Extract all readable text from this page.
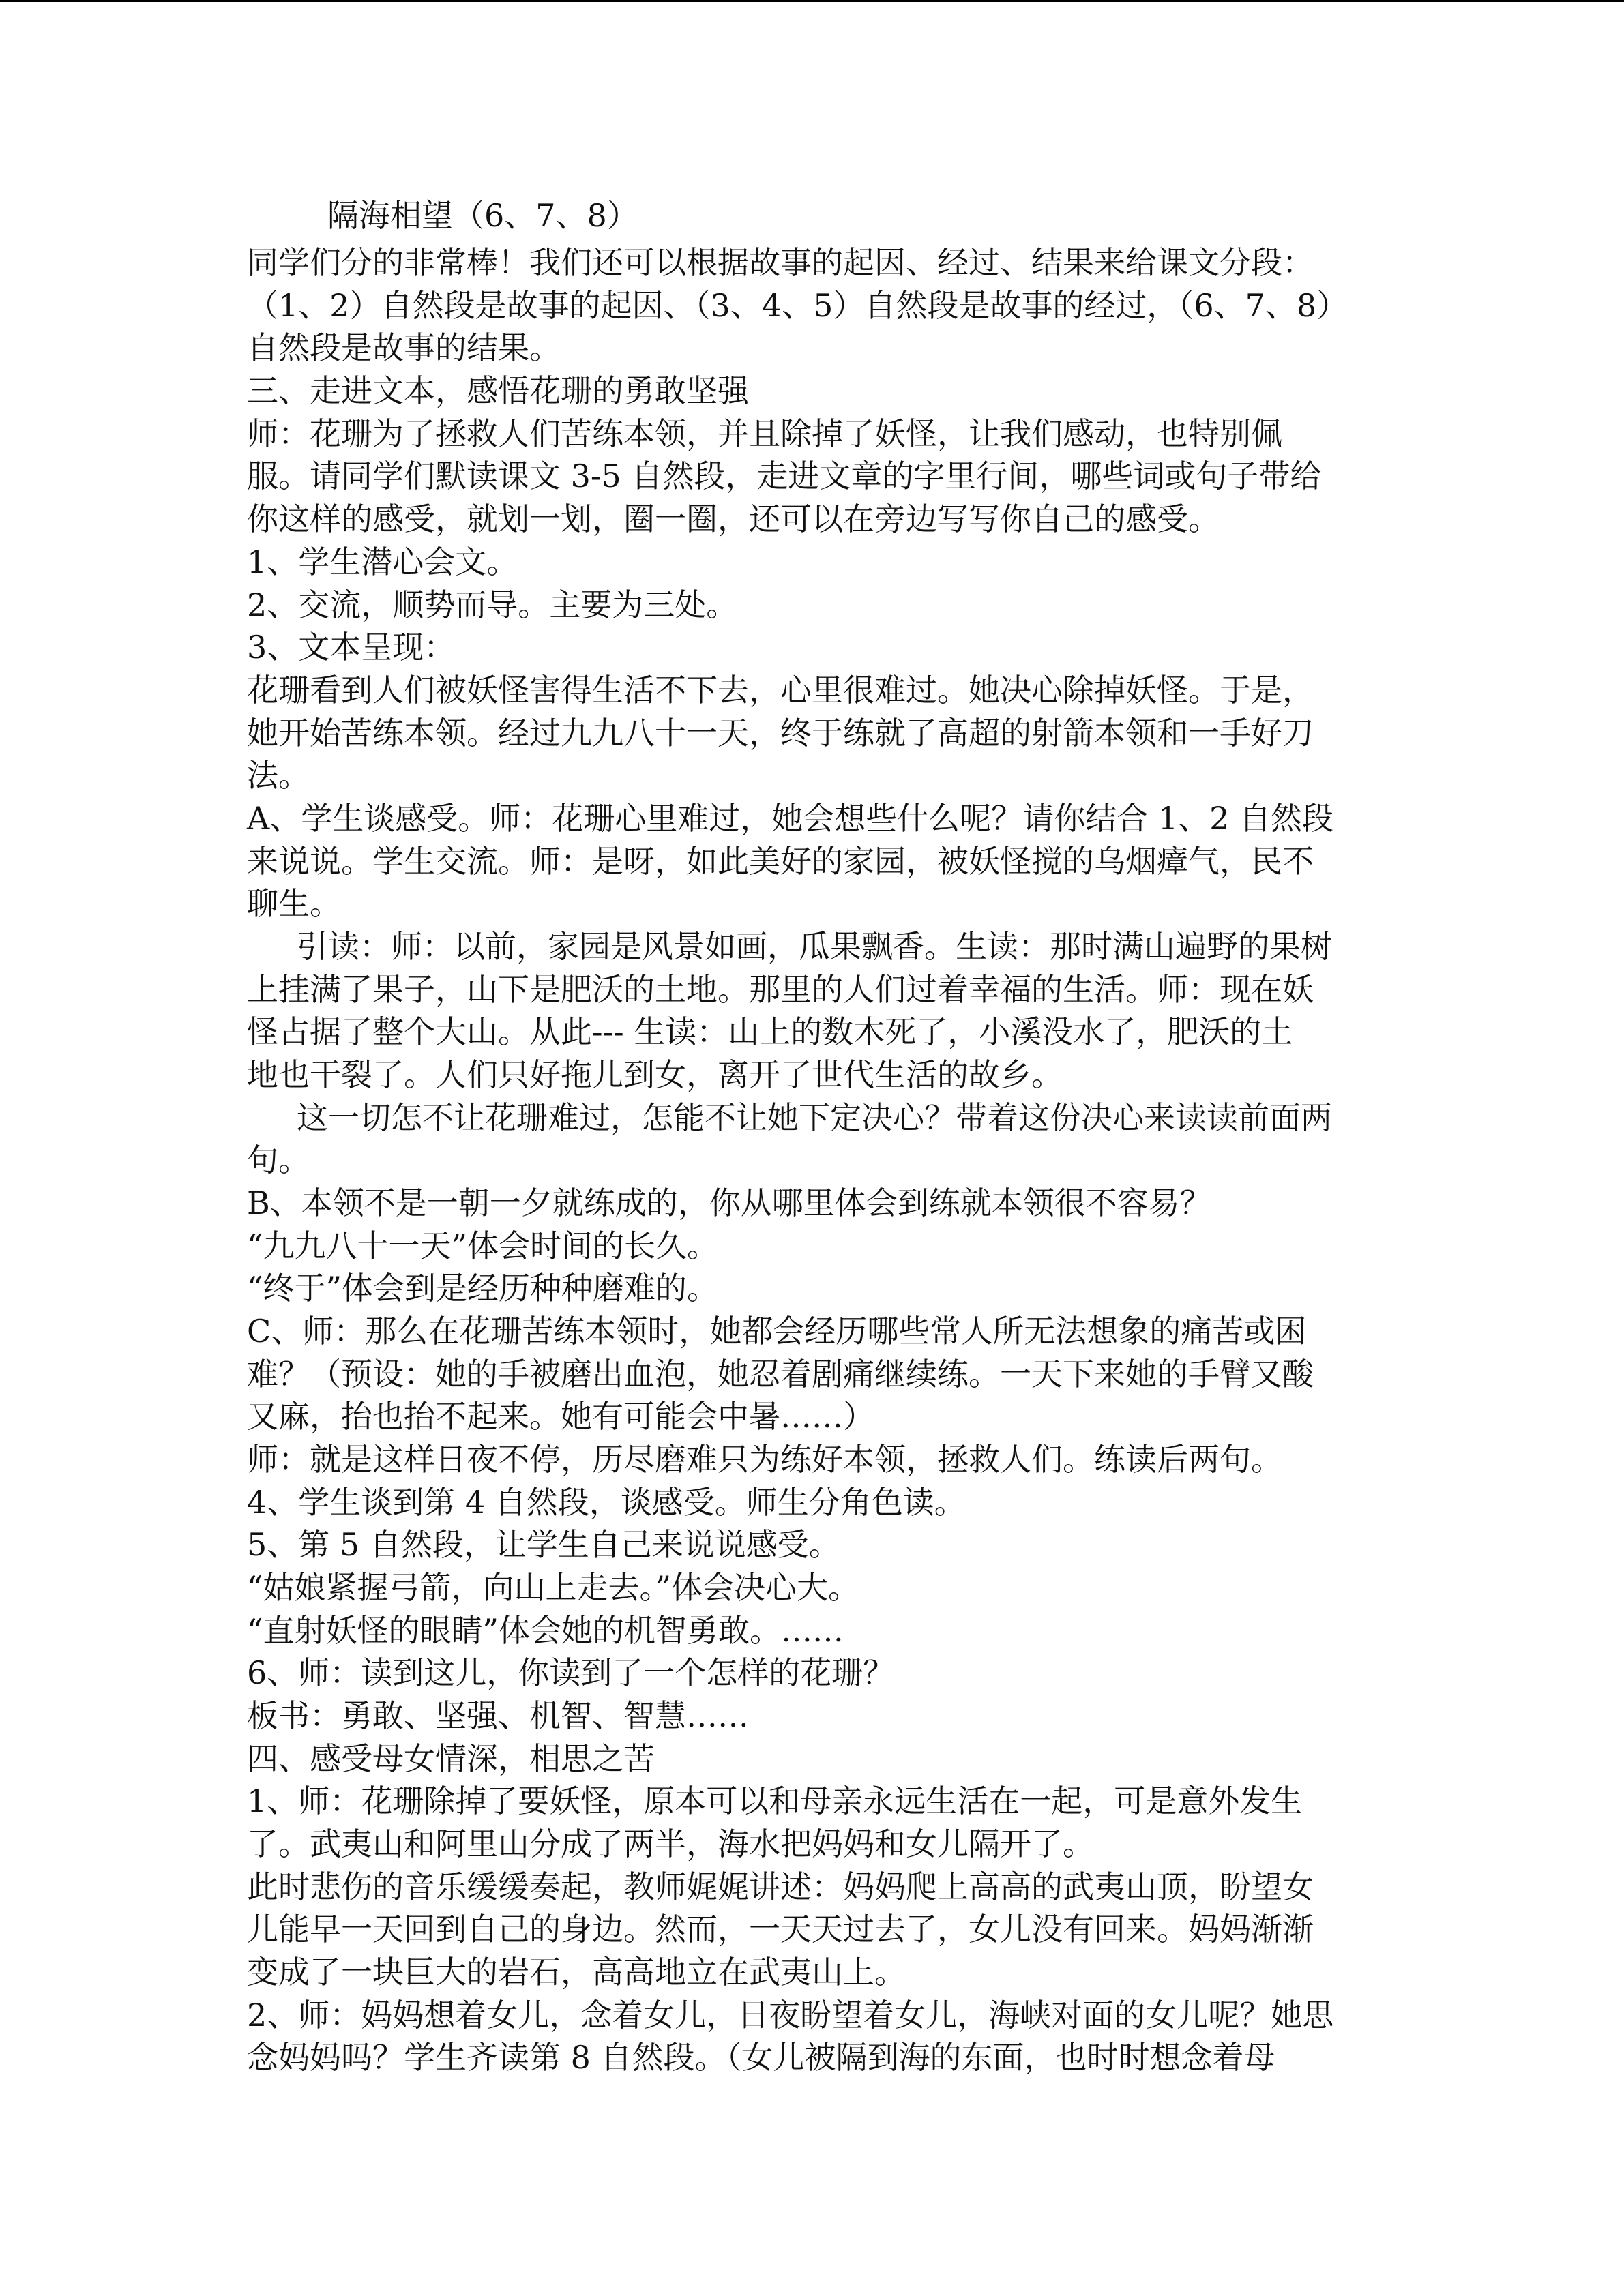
隔海相望（6、7、8）
同学们分的非常棒！我们还可以根据故事的起因、经过、结果来给课文分段：
（1、2）自然段是故事的起因、（3、4、5）自然段是故事的经过，（6、7、8）
自然段是故事的结果。
三、走进文本，感悟花珊的勇敢坚强
师：花珊为了拯救人们苦练本领，并且除掉了妖怪，让我们感动，也特别佩
服。请同学们默读课文 3-5 自然段，走进文章的字里行间，哪些词或句子带给
你这样的感受，就划一划，圈一圈，还可以在旁边写写你自己的感受。
1、学生潜心会文。
2、交流，顺势而导。主要为三处。
3、文本呈现：
花珊看到人们被妖怪害得生活不下去，心里很难过。她决心除掉妖怪。于是，
她开始苦练本领。经过九九八十一天，终于练就了高超的射箭本领和一手好刀
法。
A、学生谈感受。师：花珊心里难过，她会想些什么呢？请你结合 1、2 自然段
来说说。学生交流。师：是呀，如此美好的家园，被妖怪搅的乌烟瘴气，民不
聊生。
引读：师：以前，家园是风景如画，瓜果飘香。生读：那时满山遍野的果树
上挂满了果子，山下是肥沃的土地。那里的人们过着幸福的生活。师：现在妖
怪占据了整个大山。从此--- 生读：山上的数木死了，小溪没水了，肥沃的土
地也干裂了。人们只好拖儿到女，离开了世代生活的故乡。
这一切怎不让花珊难过，怎能不让她下定决心？带着这份决心来读读前面两
句。
B、本领不是一朝一夕就练成的，你从哪里体会到练就本领很不容易？
“九九八十一天”体会时间的长久。
“终于”体会到是经历种种磨难的。
C、师：那么在花珊苦练本领时，她都会经历哪些常人所无法想象的痛苦或困
难？（预设：她的手被磨出血泡，她忍着剧痛继续练。一天下来她的手臂又酸
又麻，抬也抬不起来。她有可能会中暑……）
师：就是这样日夜不停，历尽磨难只为练好本领，拯救人们。练读后两句。
4、学生谈到第 4 自然段，谈感受。师生分角色读。
5、第 5 自然段，让学生自己来说说感受。
“姑娘紧握弓箭，向山上走去。”体会决心大。
“直射妖怪的眼睛”体会她的机智勇敢。……
6、师：读到这儿，你读到了一个怎样的花珊？
板书：勇敢、坚强、机智、智慧……
四、感受母女情深，相思之苦
1、师：花珊除掉了要妖怪，原本可以和母亲永远生活在一起，可是意外发生
了。武夷山和阿里山分成了两半，海水把妈妈和女儿隔开了。
此时悲伤的音乐缓缓奏起，教师娓娓讲述：妈妈爬上高高的武夷山顶，盼望女
儿能早一天回到自己的身边。然而，一天天过去了，女儿没有回来。妈妈渐渐
变成了一块巨大的岩石，高高地立在武夷山上。
2、师：妈妈想着女儿，念着女儿，日夜盼望着女儿，海峡对面的女儿呢？她思
念妈妈吗？学生齐读第 8 自然段。（女儿被隔到海的东面，也时时想念着母
